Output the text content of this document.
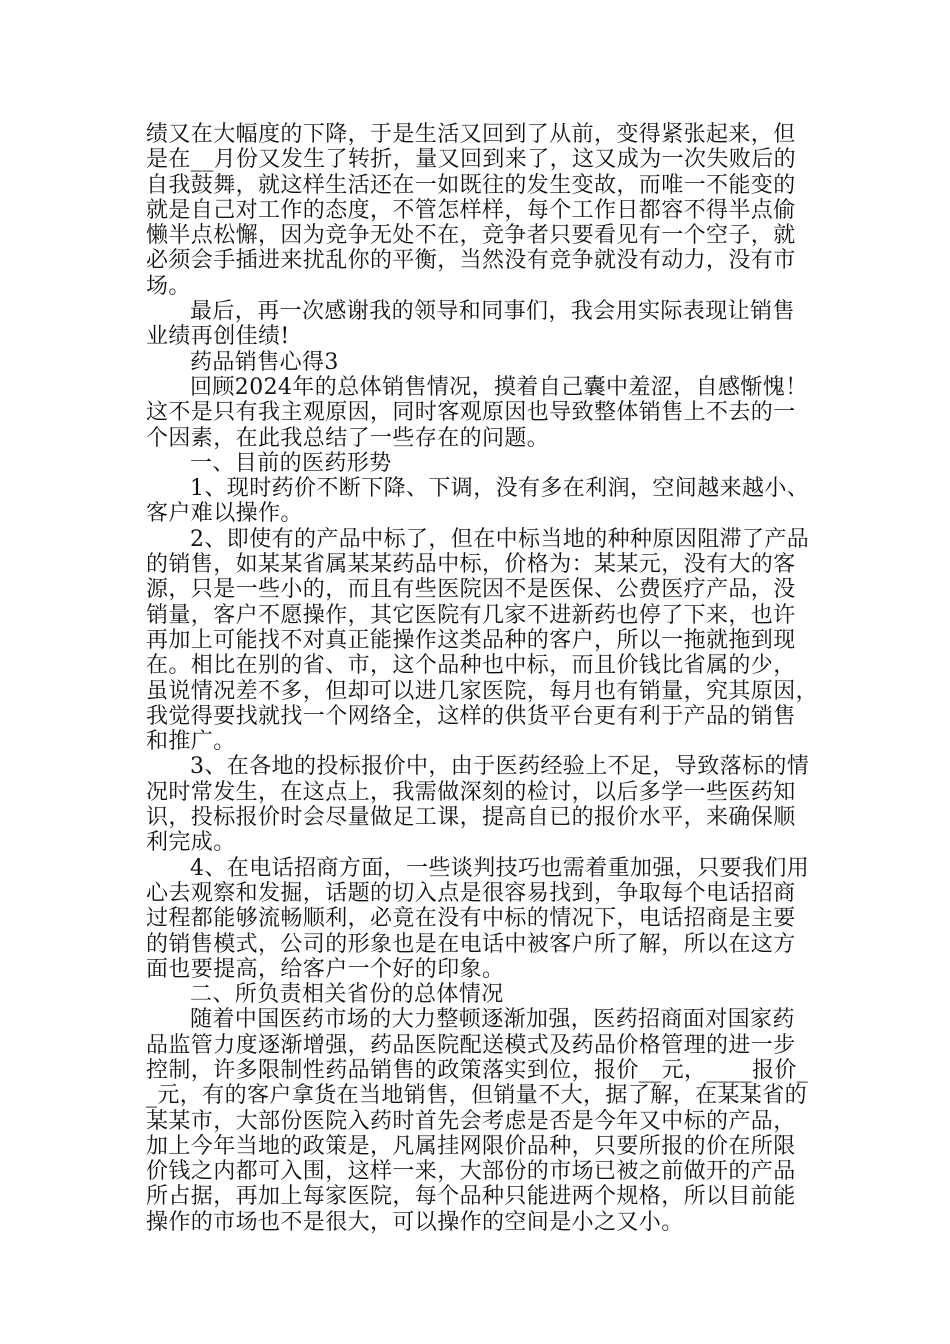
绩又在大幅度的下降，于是生活又回到了从前，变得紧张起来，但
是在__月份又发生了转折，量又回到来了，这又成为一次失败后的
自我鼓舞，就这样生活还在一如既往的发生变故，而唯一不能变的
就是自己对工作的态度，不管怎样样，每个工作日都容不得半点偷
懒半点松懈，因为竞争无处不在，竞争者只要看见有一个空子，就
必须会手插进来扰乱你的平衡，当然没有竞争就没有动力，没有市
场。
最后，再一次感谢我的领导和同事们，我会用实际表现让销售
业绩再创佳绩!
药品销售心得3
回顾2024年的总体销售情况，摸着自己囊中羞涩，自感惭愧！
这不是只有我主观原因，同时客观原因也导致整体销售上不去的一
个因素，在此我总结了一些存在的问题。
一、目前的医药形势
1、现时药价不断下降、下调，没有多在利润，空间越来越小、
客户难以操作。
2、即使有的产品中标了，但在中标当地的种种原因阻滞了产品
的销售，如某某省属某某药品中标，价格为：某某元，没有大的客
源，只是一些小的，而且有些医院因不是医保、公费医疗产品，没
销量，客户不愿操作，其它医院有几家不进新药也停了下来，也许
再加上可能找不对真正能操作这类品种的客户，所以一拖就拖到现
在。相比在别的省、市，这个品种也中标，而且价钱比省属的少，
虽说情况差不多，但却可以进几家医院，每月也有销量，究其原因，
我觉得要找就找一个网络全，这样的供货平台更有利于产品的销售
和推广。
3、在各地的投标报价中，由于医药经验上不足，导致落标的情
况时常发生，在这点上，我需做深刻的检讨，以后多学一些医药知
识，投标报价时会尽量做足工课，提高自已的报价水平，来确保顺
利完成。
4、在电话招商方面，一些谈判技巧也需着重加强，只要我们用
心去观察和发掘，话题的切入点是很容易找到，争取每个电话招商
过程都能够流畅顺利，必竟在没有中标的情况下，电话招商是主要
的销售模式，公司的形象也是在电话中被客户所了解，所以在这方
面也要提高，给客户一个好的印象。
二、所负责相关省份的总体情况
随着中国医药市场的大力整顿逐渐加强，医药招商面对国家药
品监管力度逐渐增强，药品医院配送模式及药品价格管理的进一步
控制，许多限制性药品销售的政策落实到位，报价__元，____报价_
_元，有的客户拿货在当地销售，但销量不大，据了解，在某某省的
某某市，大部份医院入药时首先会考虑是否是今年又中标的产品，
加上今年当地的政策是，凡属挂网限价品种，只要所报的价在所限
价钱之内都可入围，这样一来，大部份的市场已被之前做开的产品
所占据，再加上每家医院，每个品种只能进两个规格，所以目前能
操作的市场也不是很大，可以操作的空间是小之又小。
